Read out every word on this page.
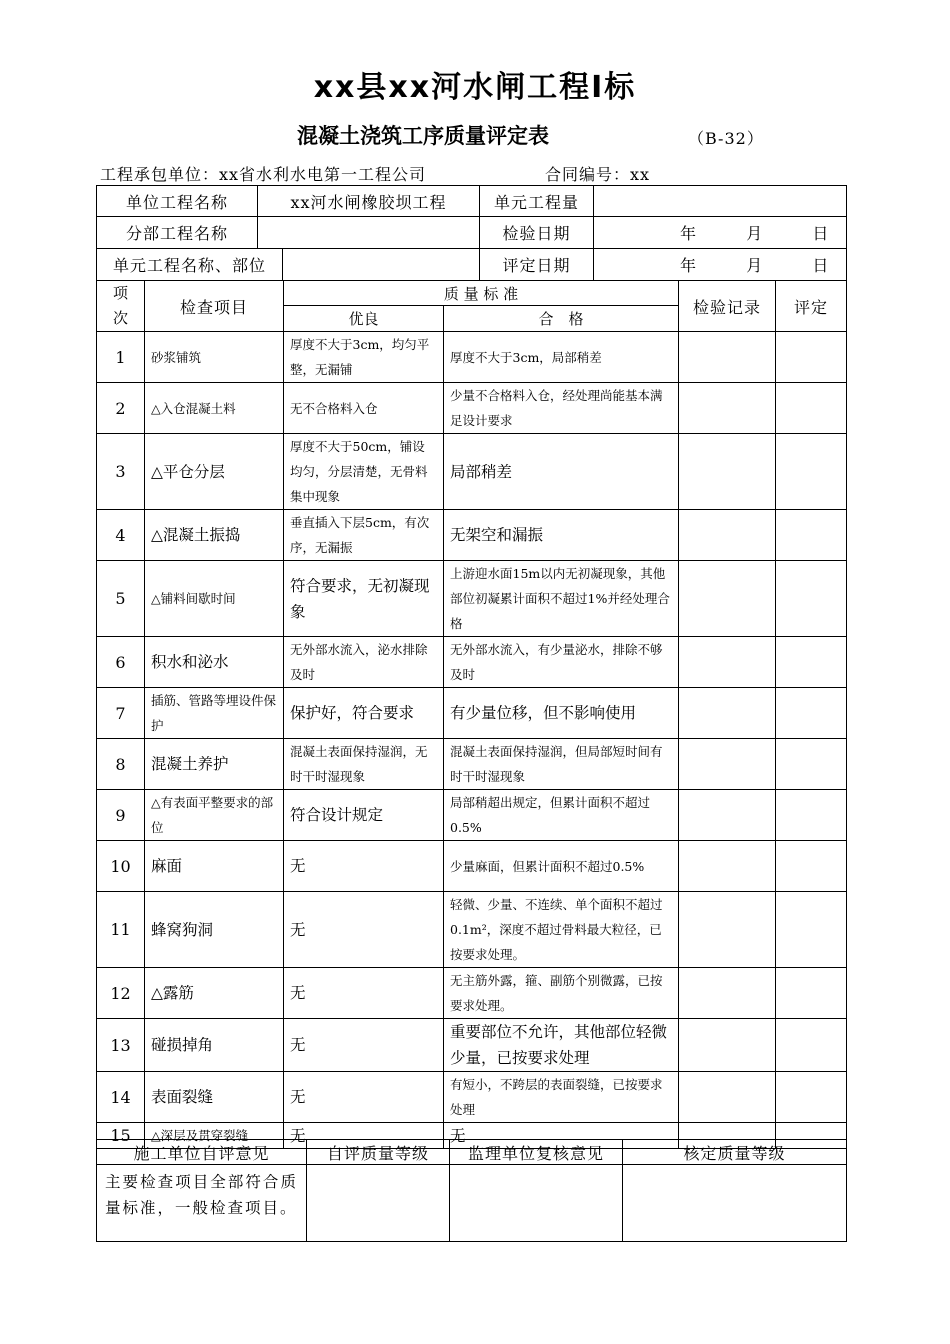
xx县xx河水闸工程Ⅰ标
混凝土浇筑工序质量评定表	（B-32）
工程承包单位：xx省水利水电第一工程公司	合同编号：xx
单位工程名称	xx河水闸橡胶坝工程		单元工程量	
分部工程名称			检验日期	年 月 日
单元工程名称、部位			评定日期	年 月 日
项
次	检查项目	质 量 标 准		检验记录	评定
		优良	合　格		
1	砂浆铺筑	厚度不大于3cm，均匀平整，无漏铺	厚度不大于3cm，局部稍差		
2	△入仓混凝土料	无不合格料入仓	少量不合格料入仓，经处理尚能基本满足设计要求		
3	△平仓分层	厚度不大于50cm，铺设均匀，分层清楚，无骨料集中现象	局部稍差		
4	△混凝土振捣	垂直插入下层5cm，有次序，无漏振	无架空和漏振		
5	△铺料间歇时间	符合要求，无初凝现象	上游迎水面15m以内无初凝现象，其他部位初凝累计面积不超过1%并经处理合格		
6	积水和泌水	无外部水流入，泌水排除及时	无外部水流入，有少量泌水，排除不够及时		
7	插筋、管路等埋设件保护	保护好，符合要求	有少量位移，但不影响使用		
8	混凝土养护	混凝土表面保持湿润，无时干时湿现象	混凝土表面保持湿润，但局部短时间有时干时湿现象		
9	△有表面平整要求的部位	符合设计规定	局部稍超出规定，但累计面积不超过0.5%		
10	麻面	无	少量麻面，但累计面积不超过0.5%		
11	蜂窝狗洞	无	轻微、少量、不连续、单个面积不超过0.1m²，深度不超过骨料最大粒径，已按要求处理。		
12	△露筋	无	无主筋外露，箍、副筋个别微露，已按要求处理。		
13	碰损掉角	无	重要部位不允许，其他部位轻微少量，已按要求处理		
14	表面裂缝	无	有短小，不跨层的表面裂缝，已按要求处理		
15	△深层及贯穿裂缝	无	无		
施工单位自评意见	自评质量等级	监理单位复核意见	核定质量等级
主要检查项目全部符合质量标准，一般检查项目。			
